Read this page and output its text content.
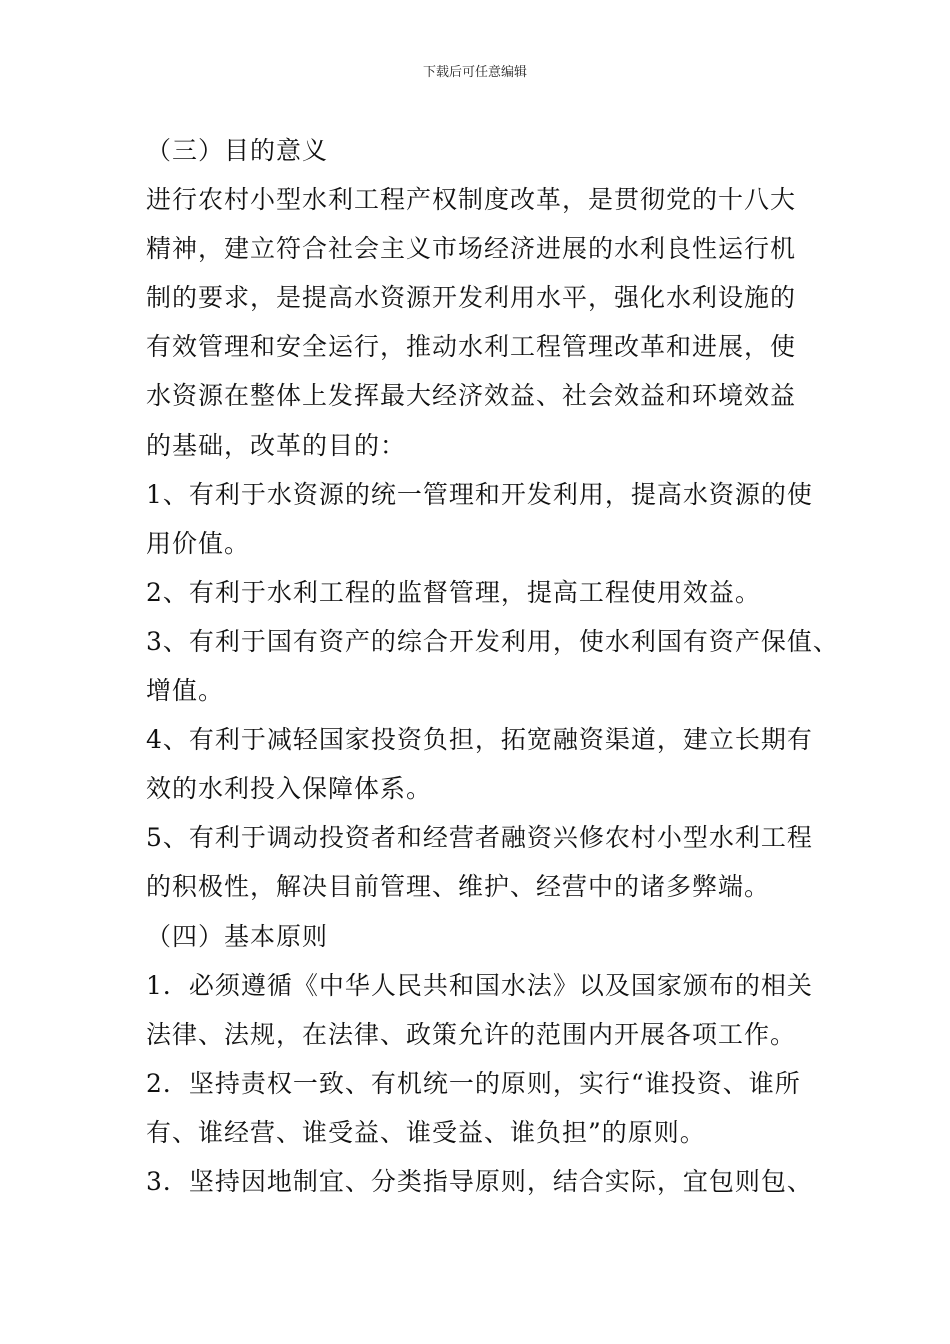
下载后可任意编辑
（三）目的意义
进行农村小型水利工程产权制度改革，是贯彻党的十八大
精神，建立符合社会主义市场经济进展的水利良性运行机
制的要求，是提高水资源开发利用水平，强化水利设施的
有效管理和安全运行，推动水利工程管理改革和进展，使
水资源在整体上发挥最大经济效益、社会效益和环境效益
的基础，改革的目的：
1、有利于水资源的统一管理和开发利用，提高水资源的使
用价值。
2、有利于水利工程的监督管理，提高工程使用效益。
3、有利于国有资产的综合开发利用，使水利国有资产保值、
增值。
4、有利于减轻国家投资负担，拓宽融资渠道，建立长期有
效的水利投入保障体系。
5、有利于调动投资者和经营者融资兴修农村小型水利工程
的积极性，解决目前管理、维护、经营中的诸多弊端。
（四）基本原则
1．必须遵循《中华人民共和国水法》以及国家颁布的相关
法律、法规，在法律、政策允许的范围内开展各项工作。
2．坚持责权一致、有机统一的原则，实行“谁投资、谁所
有、谁经营、谁受益、谁受益、谁负担”的原则。
3．坚持因地制宜、分类指导原则，结合实际，宜包则包、
